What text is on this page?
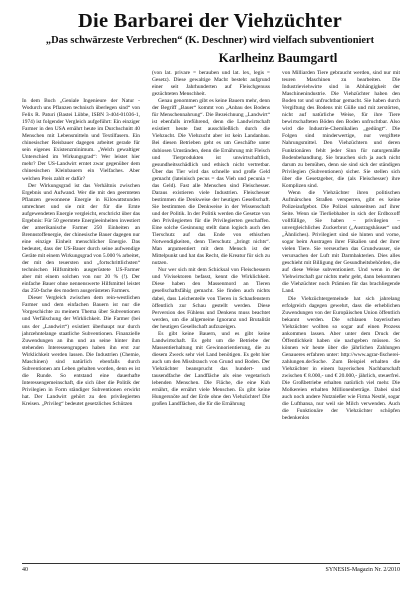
Die Barbarei der Viehzüchter
„Das schwärzeste Verbrechen“ (K. Deschner) wird vielfach subventioniert
Karlheinz Baumgartl

In dem Buch „Geniale Ingenieure der Natur - Wodurch uns Pflanzen technisch überlegen sind“ von Felix R. Paturi (Bastei Lübbe, ISBN 3-404-01036-1, 1974) ist folgender Vergleich aufgeführt: Ein einziger Farmer in den USA ernährt heute im Durchschnitt 40 Menschen mit Lebensmitteln und Textilfasern. Ein chinesischer Reisbauer dagegen arbeitet gerade für sein eigenes Existenzminimum. „Welch gewaltiger Unterschied im Wirkungsgrad“: Wer leistet hier mehr? Der US-Landwirt erntet zwar gegenüber dem chinesischen Kleinbauern ein Vielfaches. Aber welchen Preis zahlt er dafür?

Der Wirkungsgrad ist das Verhältnis zwischen Ergebnis und Aufwand. Wer die mit den geernteten Pflanzen gewonnene Energie in Kilowattstunden umrechnet und sie mit der für die Ernte aufgewendeten Energie vergleicht, erschrickt über das Ergebnis: Für 50 geerntete Energieeinheiten investiert der amerikanische Farmer 250 Einheiten an Brennstoffenergie, der chinesische Bauer dagegen nur eine einzige Einheit menschlicher Energie. Das bedeutet, dass der US-Bauer durch seine aufwendige Geräte mit einem Wirkungsgrad von 5.000 % arbeitet, der mit den teuersten und „fortschrittlichsten“ technischen Hilfsmitteln ausgerüstete US-Farmer aber mit einem solchen von nur 20 % (!). Der einfache Bauer ohne nennenswerte Hilfsmittel leistet das 250-fache des modern ausgerüsteten Farmers.

Dieser Vergleich zwischen dem rein-westlichen Farmer und dem einfachen Bauern ist nur die Vorgeschichte zu meinem Thema über Subventionen und Verfälschung der Wirklichkeit. Die Farmer (bei uns der „Landwirt“) existiert überhaupt nur durch jahrzehntelange staatliche Subventionen. Finanzielle Zuwendungen an ihn und an seine hinter ihm stehenden Interessengruppen haben ihn erst zur Wirklichkeit werden lassen. Die Industrien (Chemie, Maschinen) sind natürlich ebenfalls durch Subventionen am Leben gehalten worden, denn es ist die Runde. So entstand eine dauerhafte Interessengemeinschaft, die sich über die Politik der Privilegien in Form ständiger Subventionen erwirkt hat. Der Landwirt gehört zu den privilegierten Kreisen. „Privileg“ bedeutet gesetzliches Schützen

(von lat. privare = berauben und lat. lex, legis = Gesetz). Diese gewaltige Macht besteht aufgrund einer seit Jahrhunderten auf Fleischgenuss gezüchteten Menschheit.

Genau genommen gibt es keine Bauern mehr, denn der Begriff „Bauer“ kommt von „Anbau des Bodens für Menschennahrung“. Die Bezeichnung „Landwirt“ ist ebenfalls irreführend, denn die Landwirtschaft existiert heute fast ausschließlich durch die Viehzucht. Die Viehzucht aber ist kein Landanbau. Bei diesen Betrieben geht es um Geschäfte unter dubiosen Umständen, denn die Ernährung mit Fleisch und Tierprodukten ist unwirtschaftlich, gesundheitsschädlich und ethisch nicht vertretbar. Über das Tier wird das schnelle und große Geld gemacht (lateinisch pecus = das Vieh und pecunia = das Geld). Fast alle Menschen sind Fleischesser. Daraus existieren viele Industrien. Fleischesser bestimmen die Denkweise der heutigen Gesellschaft. Sie bestimmen die Denkweise in der Wissenschaft und der Politik. In der Politik werden die Gesetze von den Privilegierten für die Privilegierten geschaffen. Eine solche Gesinnung stellt dann logisch auch den Tierschutz auf das Ende von ethischen Notwendigkeiten, denn Tierschutz „bringt nichts“. Man argumentiert mit dem Mensch ist der Mittelpunkt und hat das Recht, die Kreatur für sich zu nutzen.

Nur wer sich mit dem Schicksal von Fleischessern und Vivisektoren befasst, kennt die Wirklichkeit. Diese haben den Massenmord an Tieren gesellschaftsfähig gemacht. Sie finden auch nichts dabei, dass Leichenteile von Tieren in Schaufenstern öffentlich zur Schau gestellt werden. Diese Perversion des Fühlens und Denkens muss beachtet werden, um die allgemeine Ignoranz und Brutalität der heutigen Gesellschaft aufzuzeigen.

Es gibt keine Bauern, und es gibt keine Landwirtschaft. Es geht um die Betriebe der Massentierhaltung mit Gewinnorientierung, die zu diesem Zweck sehr viel Land benötigen. Es geht hier auch um den Missbrauch von Grund und Boden. Der Viehzüchter beansprucht das hundert- und tausendfache der Landfläche als eine vegetarisch lebenden Menschen. Die Fläche, die eine Kuh ernährt, die ernährt viele Menschen. Es gibt keine Hungersnöte auf der Erde ohne den Viehzüchter! Die großen Landflächen, die für die Ernährung

von Milliarden Tiere gebraucht werden, sind nur mit teuren Maschinen zu bearbeiten. Die Industrieviehwirte sind in Abhängigkeit der Maschinenindustrie. Die Viehzüchter haben den Boden tot und unfruchtbar gemacht. Sie haben durch Vergiftung des Bodens mit Gülle und mit zerstörten, nicht auf natürliche Weise, für ihre Tiere bewirtschafteten Böden den Boden unfruchtbar. Also wird die Industrie-Chemikalien „gedüngt“. Die Folgen sind minderwertige, nur vergiftete Nahrungsmittel. Den Viehzüchtern und deren Funktionären fehlt jeder Sinn für naturgemäße Bodenbehandlung. Sie brauchen sich ja auch nicht darum zu bemühen, denn sie sind sich der ständigen Privilegien (Subventionen) sicher. Sie stellen sich über die Gesetzgeber, die (als Fleischesser) ihre Komplizen sind.

Wenn die Viehzüchter ihren politischen Aufmärschen Straßen versperren, gibt es keine Polizeiaufgebot. Die Polizei sahnseitsen auf ihrer Seite. Wenn sie Tierliebhaber in sich der Erdboxoff vollfüllige, Sie haben – privilegien – unvergleichliches Zuckerbrot („Austragshäuser“ und „Ähnliches). Privilegiert sind sie hinten und vorne, sogar beim Austragen ihrer Fäkalien und der ihrer vielen Tiere. Sie verseuchen das Grundwasser, sie verursachen der Luft mit Darmbakterien. Dies alles geschieht mit Billigung der Gesundheitsbehörden, die auf diese Weise subventioniert. Und wenn in der Viehwirtschaft gar nichts mehr geht, dann bekommen die Viehzüchter noch Prämien für das brachliegende Land.

Die Viehzüchtergemeinde hat sich jahrelang erfolgreich dagegen gewehrt, dass die erheblichen Zuwendungen von der Europäischen Union öffentlich bekannt werden. Die schlauen bayerischen Viehzüchter wollten so sogar auf einen Prozess ankommen lassen. Aber unter dem Druck der Öffentlichkeit haben sie nachgeben müssen. So können wir heute über die jährlichen Zahlungen Genaueres erfahren unter: http://www.agrar-fischerei-zahlungen.de/Suche. Zum Beispiel erhalten die Viehzüchter in einem bayerischen Nachbarschaft zwischen € 8.000,- und € 20.000,- jährlich, steuerfrei. Die Großbetriebe erhalten natürlich viel mehr. Die Molkereien erhalten Millionenbeträge. Dabei sind auch noch andere Nutznießer wie Firma Nestlé, sogar die Lufthansa, nur weil sie Milch verwenden. Auch die Funktionäre der Viehzüchter schöpfen bedenkenlos

40	SYNESIS-Magazin Nr. 2/2010
